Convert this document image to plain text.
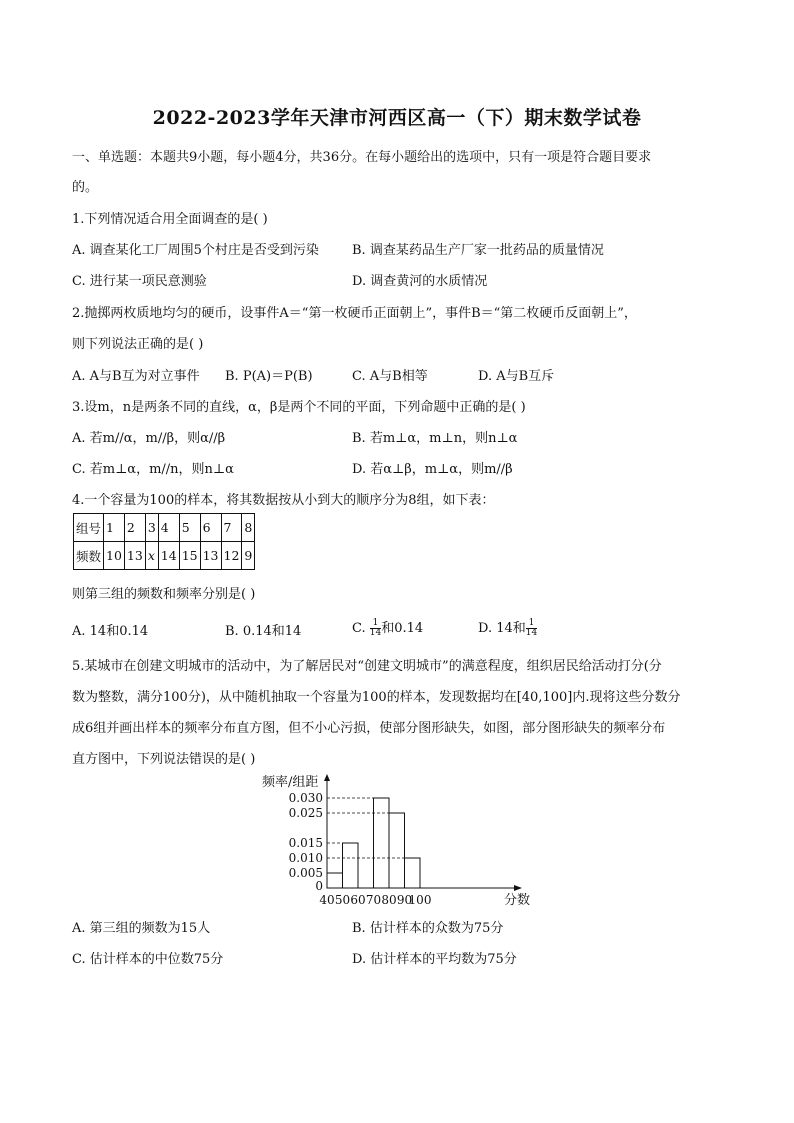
2022-2023学年天津市河西区高一（下）期末数学试卷
一、单选题：本题共9小题，每小题4分，共36分。在每小题给出的选项中，只有一项是符合题目要求
的。
1.下列情况适合用全面调查的是( )
A. 调查某化工厂周围5个村庄是否受到污染	B. 调查某药品生产厂家一批药品的质量情况
C. 进行某一项民意测验	D. 调查黄河的水质情况
2.抛掷两枚质地均匀的硬币，设事件A＝“第一枚硬币正面朝上”，事件B＝“第二枚硬币反面朝上”，
则下列说法正确的是( )
A. A与B互为对立事件 B. P(A)＝P(B)	C. A与B相等	D. A与B互斥
3.设m，n是两条不同的直线，α，β是两个不同的平面，下列命题中正确的是( )
A. 若m//α，m//β，则α//β	B. 若m⊥α，m⊥n，则n⊥α
C. 若m⊥α，m//n，则n⊥α	D. 若α⊥β，m⊥α，则m//β
4.一个容量为100的样本，将其数据按从小到大的顺序分为8组，如下表：
组号	1	2	3	4	5	6	7	8
频数	10	13	x	14	15	13	12	9
则第三组的频数和频率分别是( )
A. 14和0.14	B. 0.14和14	C. $\frac{1}{14}$ 和0.14	D. 14和 $\frac{1}{14}$
5.某城市在创建文明城市的活动中，为了解居民对“创建文明城市”的满意程度，组织居民给活动打分(分
数为整数，满分100分)，从中随机抽取一个容量为100的样本，发现数据均在[40,100]内.现将这些分数分
成6组并画出样本的频率分布直方图，但不小心污损，使部分图形缺失，如图，部分图形缺失的频率分布
直方图中，下列说法错误的是( )
0.005
0.010
0.015
0.025
0.030
0
40 50 60 70 80 90
100
频率/组距
分数
A. 第三组的频数为15人	B. 估计样本的众数为75分
C. 估计样本的中位数75分	D. 估计样本的平均数为75分
